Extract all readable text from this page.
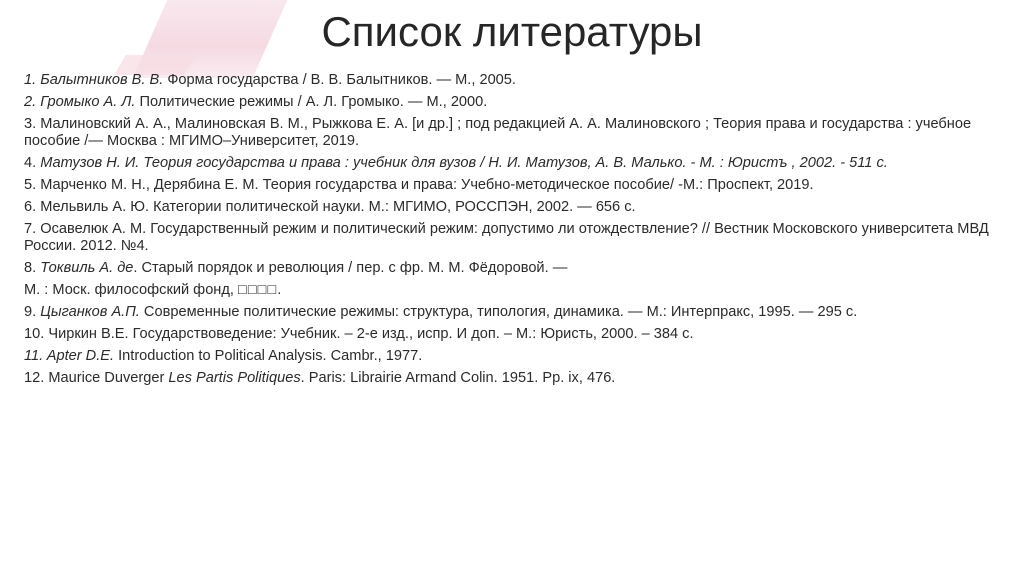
Список литературы

1. Балытников В. В. Форма государства / В. В. Балытников. — М., 2005.

2. Громыко А. Л. Политические режимы / А. Л. Громыко. — М., 2000.

3. Малиновский А. А., Малиновская В. М., Рыжкова Е. А. [и др.] ; под редакцией А. А. Малиновского ; Теория права и государства : учебное пособие /— Москва : МГИМО–Университет, 2019.

4. Матузов Н. И. Теория государства и права : учебник для вузов / Н. И. Матузов, А. В. Малько. - М. : Юристъ , 2002. - 511 с.

5. Марченко М. Н., Дерябина Е. М. Теория государства и права: Учебно-методическое пособие/ -М.: Проспект, 2019.

6. Мельвиль А. Ю. Категории политической науки. М.: МГИМО, РОССПЭН, 2002. — 656 с.

7. Осавелюк А. М. Государственный режим и политический режим: допустимо ли отождествление? // Вестник Московского университета МВД России. 2012. №4.

8. Токвиль А. де. Старый порядок и революция / пер. с фр. М. М. Фёдоровой. —

М. : Моск. философский фонд, □□□□.

9. Цыганков А.П. Современные политические режимы: структура, типология, динамика. — М.: Интерпракс, 1995. — 295 с.

10. Чиркин В.Е. Государствоведение: Учебник. – 2-е изд., испр. И доп. – М.: Юристь, 2000. – 384 с.

11. Apter D.E. Introduction to Political Analysis. Cambr., 1977.

12. Maurice Duverger Les Partis Politiques. Paris: Librairie Armand Colin. 1951. Pp. ix, 476.
